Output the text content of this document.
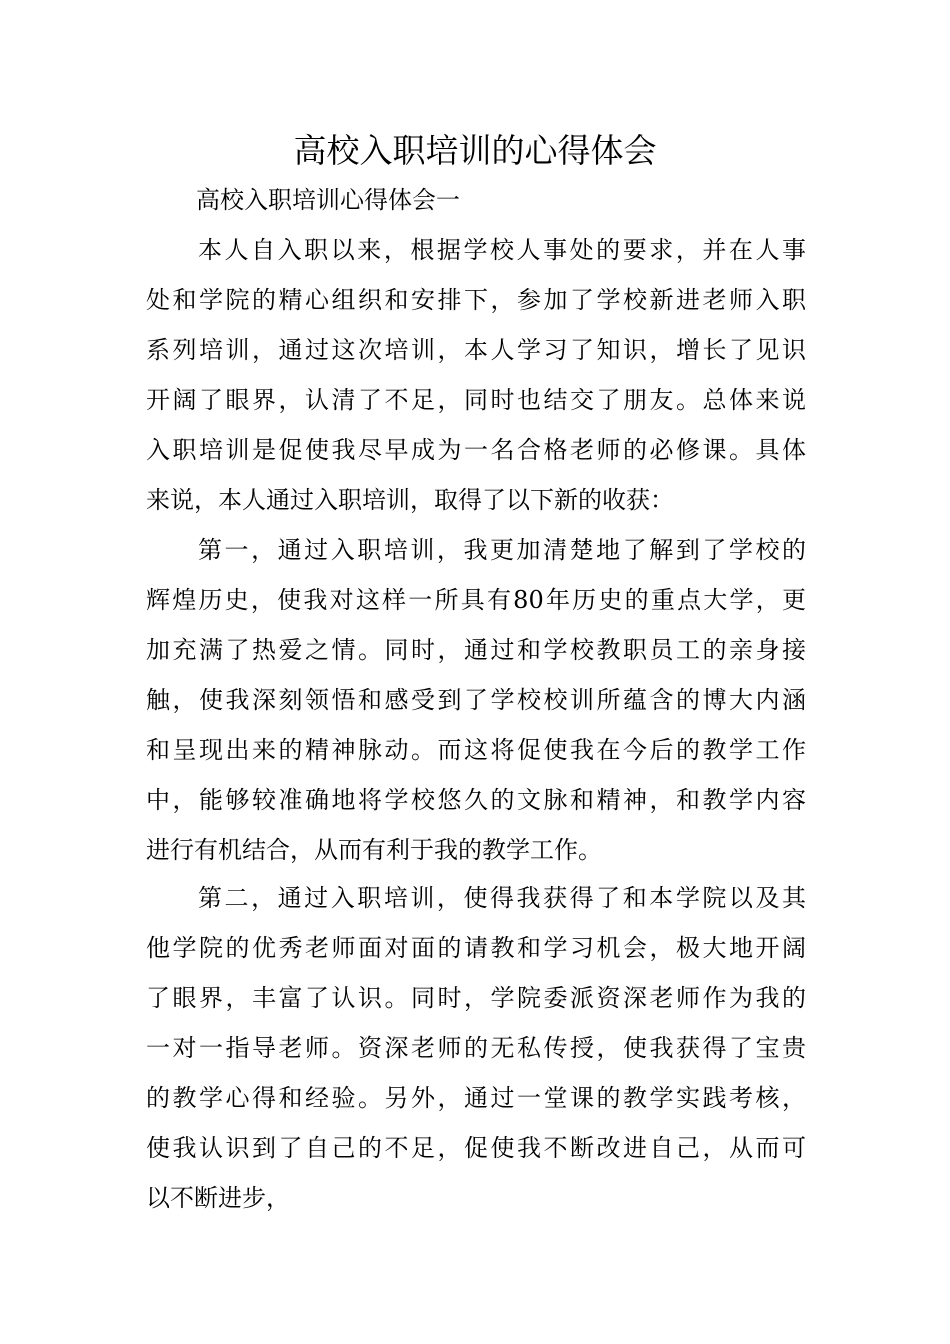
高校入职培训的心得体会

高校入职培训心得体会一

本人自入职以来，根据学校人事处的要求，并在人事

处和学院的精心组织和安排下，参加了学校新进老师入职

系列培训，通过这次培训，本人学习了知识，增长了见识

开阔了眼界，认清了不足，同时也结交了朋友。总体来说

入职培训是促使我尽早成为一名合格老师的必修课。具体

来说，本人通过入职培训，取得了以下新的收获：

第一，通过入职培训，我更加清楚地了解到了学校的

辉煌历史，使我对这样一所具有80年历史的重点大学，更

加充满了热爱之情。同时，通过和学校教职员工的亲身接

触，使我深刻领悟和感受到了学校校训所蕴含的博大内涵

和呈现出来的精神脉动。而这将促使我在今后的教学工作

中，能够较准确地将学校悠久的文脉和精神，和教学内容

进行有机结合，从而有利于我的教学工作。

第二，通过入职培训，使得我获得了和本学院以及其

他学院的优秀老师面对面的请教和学习机会，极大地开阔

了眼界，丰富了认识。同时，学院委派资深老师作为我的

一对一指导老师。资深老师的无私传授，使我获得了宝贵

的教学心得和经验。另外，通过一堂课的教学实践考核，

使我认识到了自己的不足，促使我不断改进自己，从而可

以不断进步，
